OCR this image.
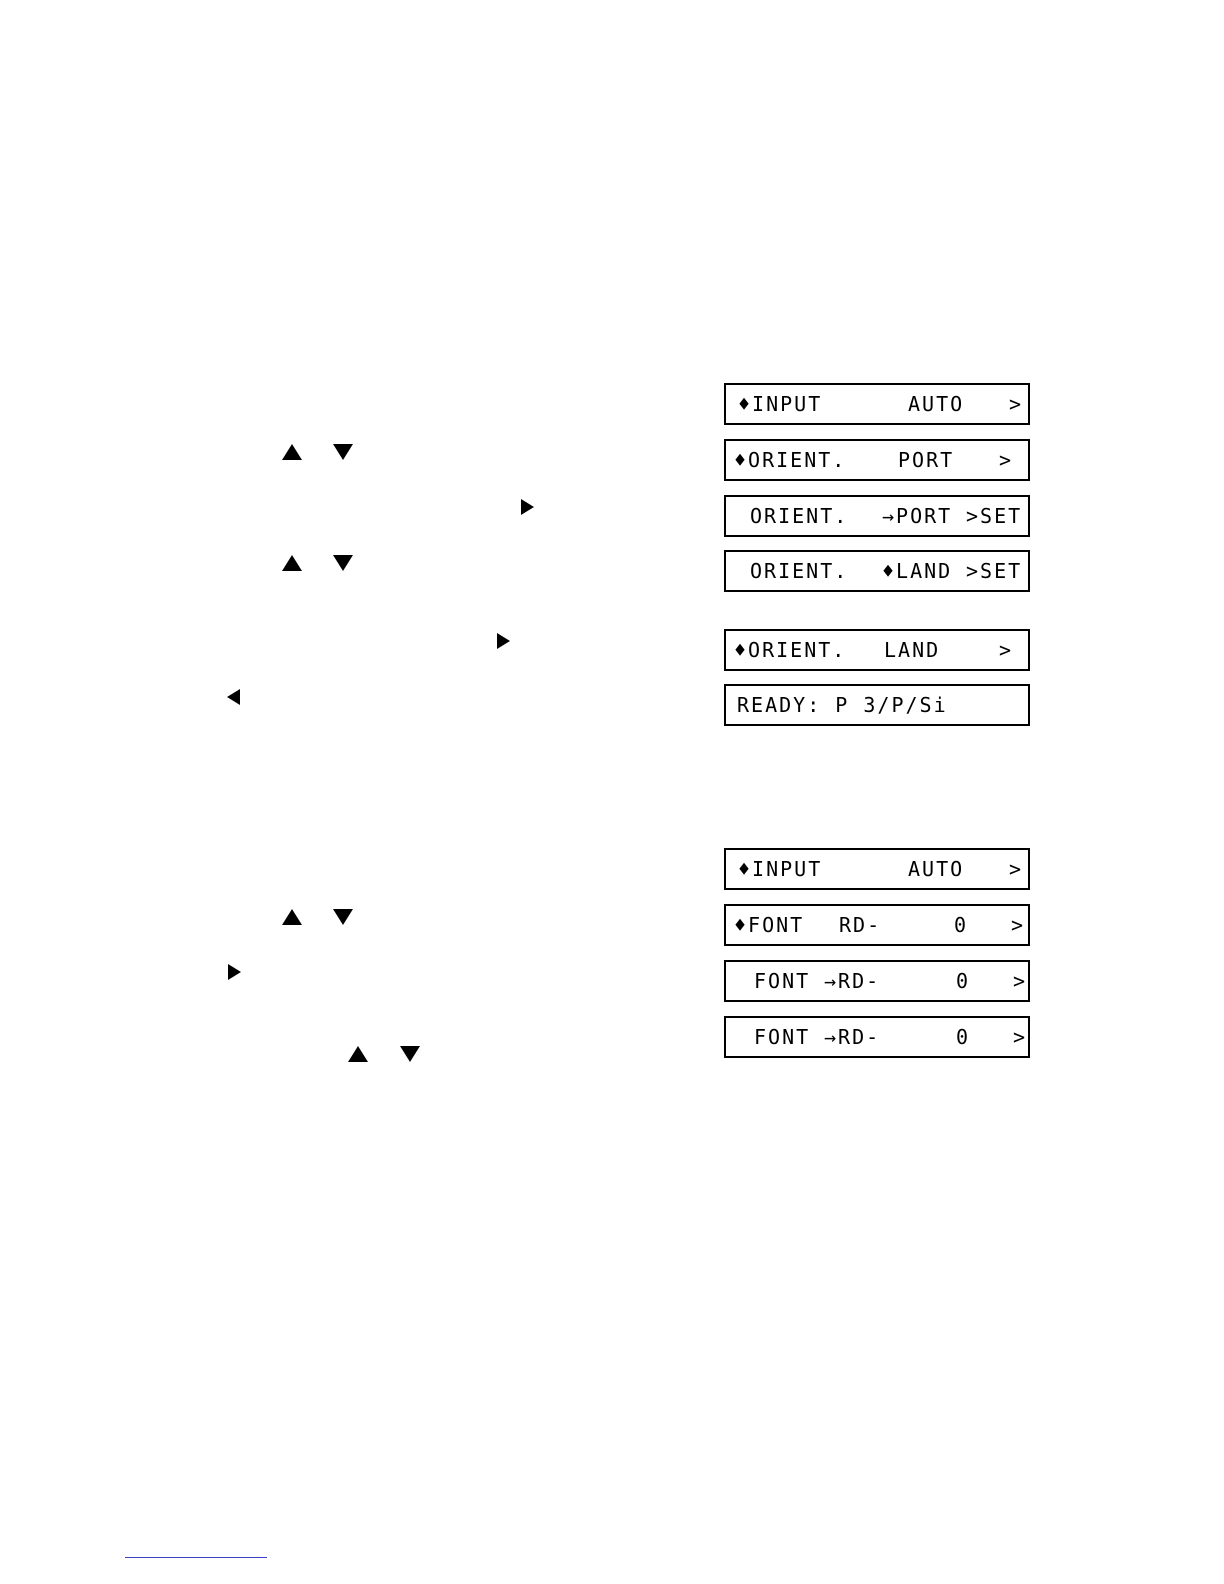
♦INPUT	AUTO >
♦ORIENT.	PORT >
ORIENT. →PORT >SET
ORIENT. ♦LAND >SET
♦ORIENT. LAND	>
READY: P 3/P/Si
♦INPUT	AUTO >
♦FONT RD-	0 >
FONT →RD-	0 >
FONT →RD-	0 >
